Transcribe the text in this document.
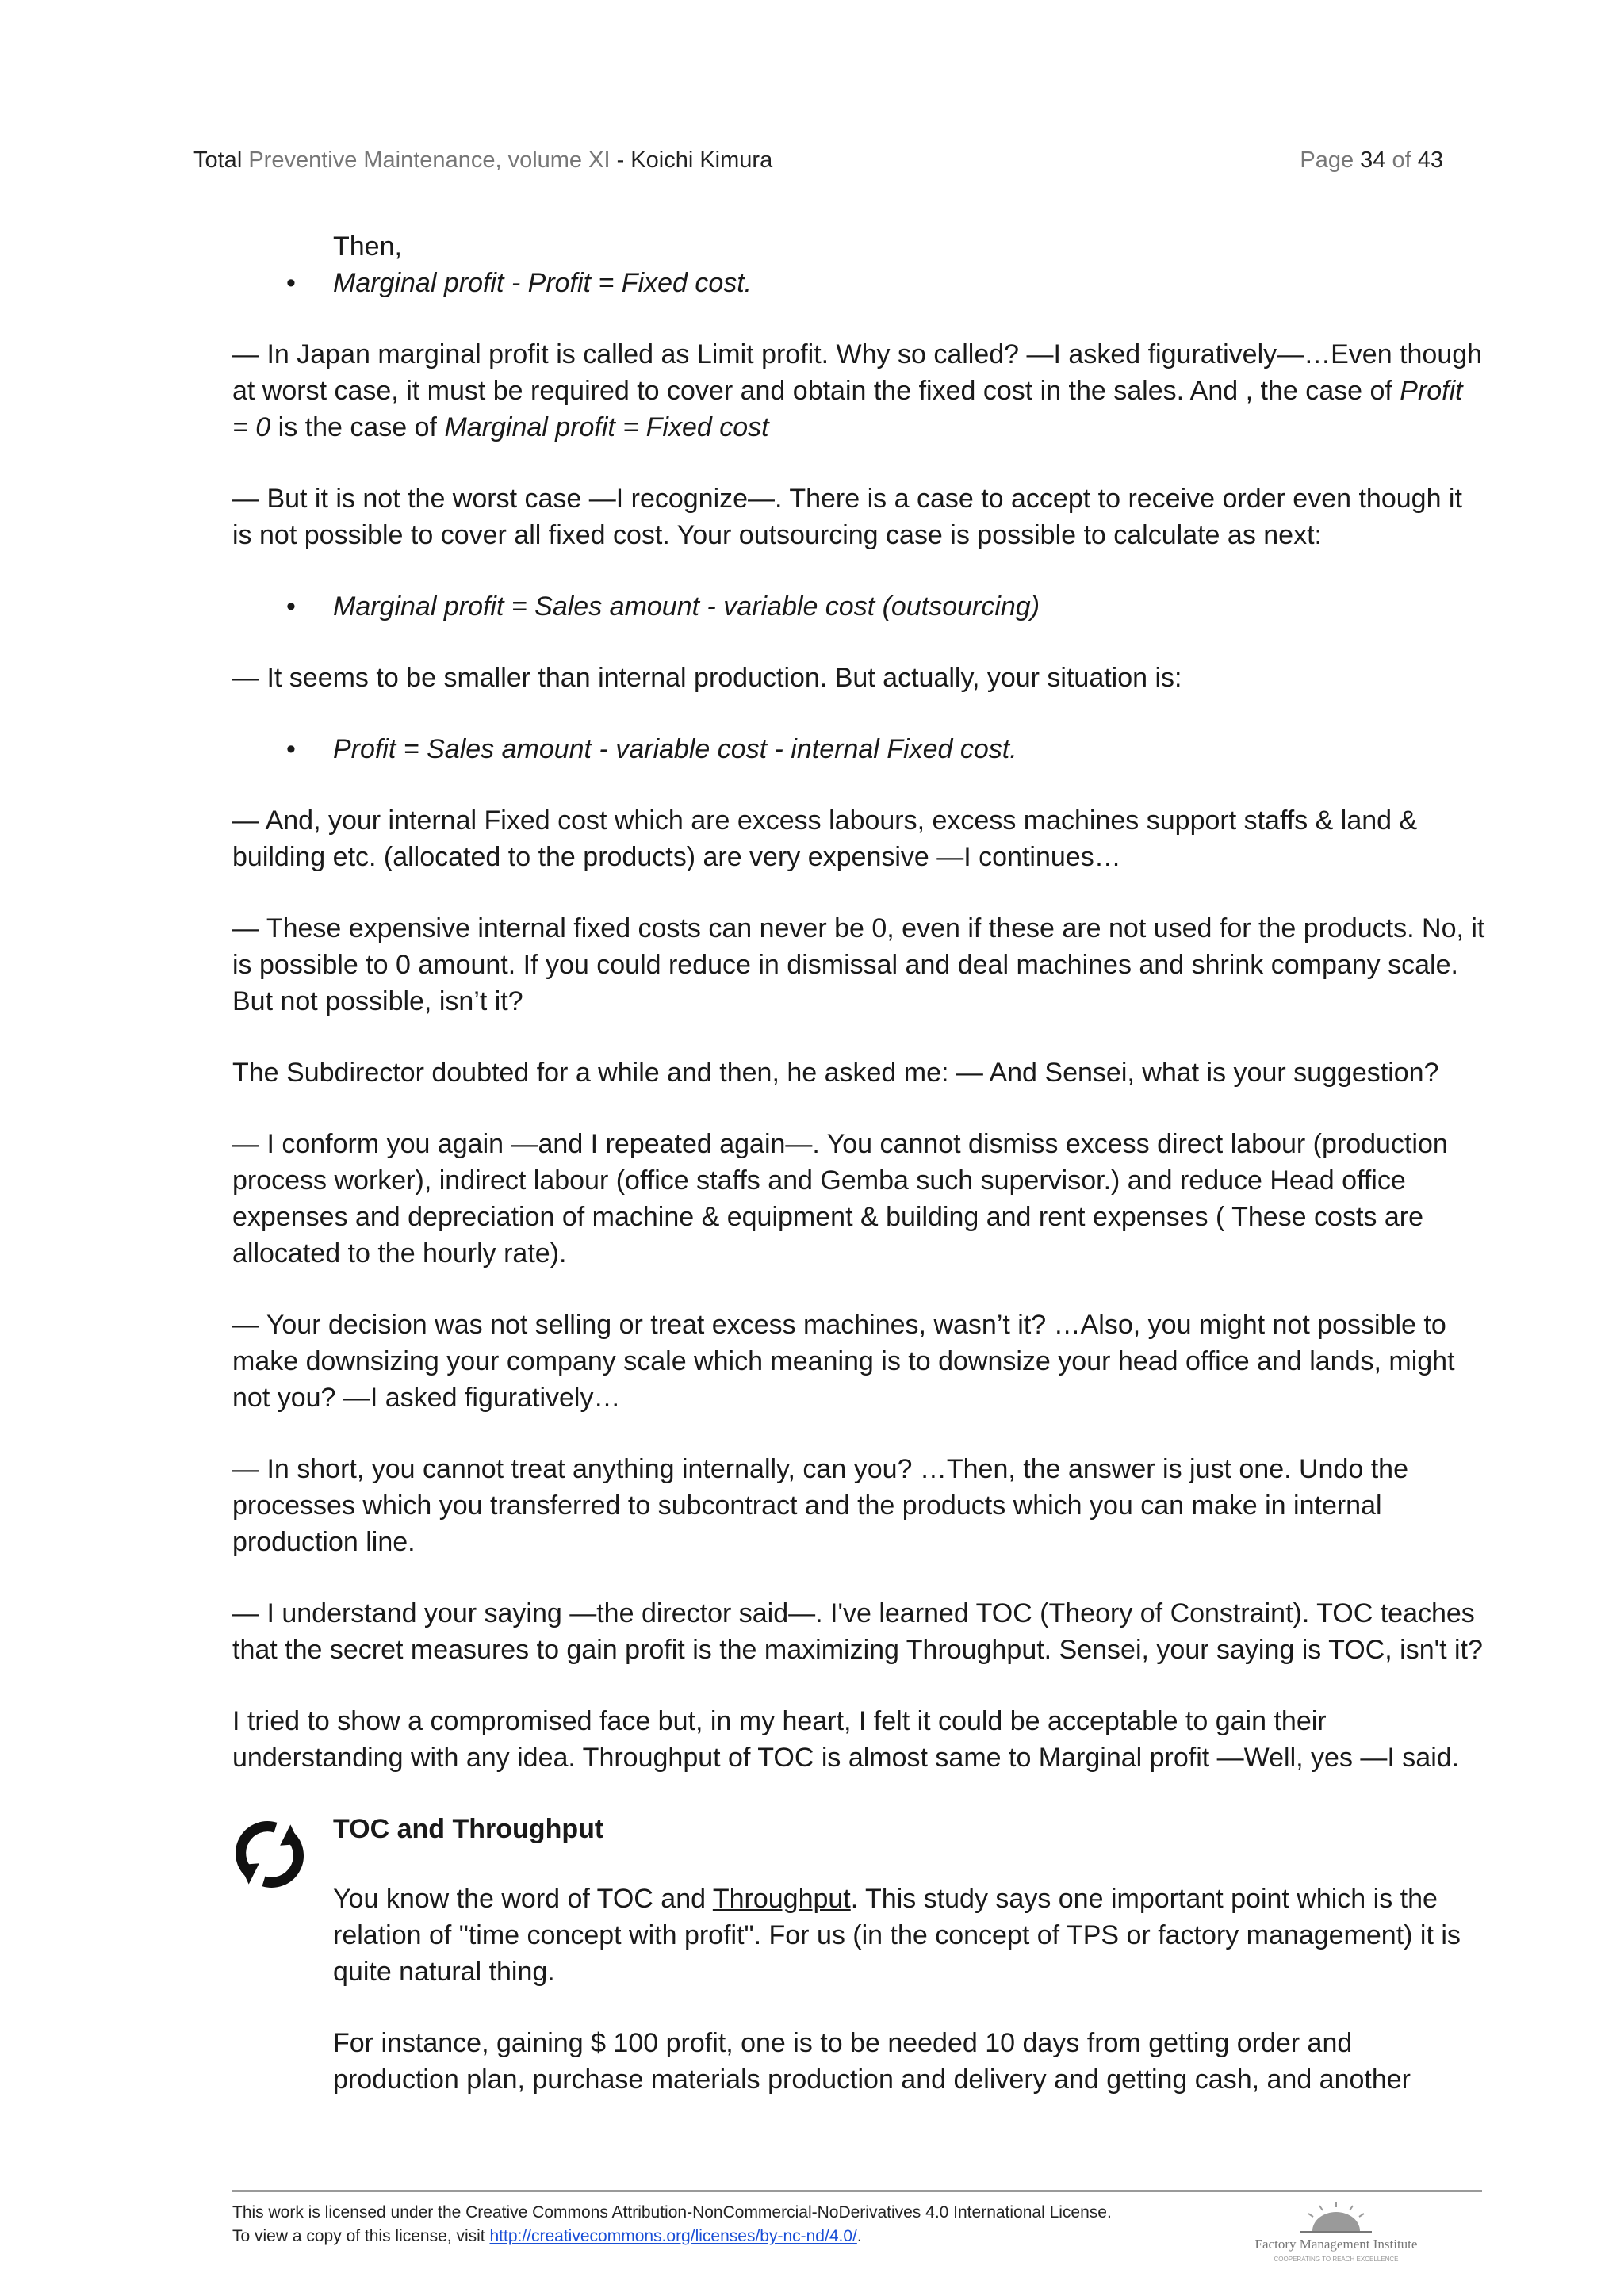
Total Preventive Maintenance, volume XI - Koichi Kimura	Page 34 of 43
Then,
• Marginal profit - Profit = Fixed cost.

— In Japan marginal profit is called as Limit profit. Why so called? —I asked figuratively—…Even though at worst case, it must be required to cover and obtain the fixed cost in the sales. And , the case of Profit = 0 is the case of Marginal profit = Fixed cost

— But it is not the worst case —I recognize—. There is a case to accept to receive order even though it is not possible to cover all fixed cost. Your outsourcing case is possible to calculate as next:

• Marginal profit = Sales amount - variable cost (outsourcing)

— It seems to be smaller than internal production. But actually, your situation is:

• Profit = Sales amount - variable cost - internal Fixed cost.

— And, your internal Fixed cost which are excess labours, excess machines support staffs & land & building etc. (allocated to the products) are very expensive —I continues…

— These expensive internal fixed costs can never be 0, even if these are not used for the products. No, it is possible to 0 amount. If you could reduce in dismissal and deal machines and shrink company scale. But not possible, isn’t it?

The Subdirector doubted for a while and then, he asked me: — And Sensei, what is your suggestion?

— I conform you again —and I repeated again—. You cannot dismiss excess direct labour (production process worker), indirect labour (office staffs and Gemba such supervisor.) and reduce Head office expenses and depreciation of machine & equipment & building and rent expenses ( These costs are allocated to the hourly rate).

— Your decision was not selling or treat excess machines, wasn’t it? …Also, you might not possible to make downsizing your company scale which meaning is to downsize your head office and lands, might not you? —I asked figuratively…

— In short, you cannot treat anything internally, can you? …Then, the answer is just one. Undo the processes which you transferred to subcontract and the products which you can make in internal production line.

— I understand your saying —the director said—. I've learned TOC (Theory of Constraint). TOC teaches that the secret measures to gain profit is the maximizing Throughput. Sensei, your saying is TOC, isn't it?

I tried to show a compromised face but, in my heart, I felt it could be acceptable to gain their understanding with any idea. Throughput of TOC is almost same to Marginal profit —Well, yes —I said.

TOC and Throughput

You know the word of TOC and Throughput. This study says one important point which is the relation of "time concept with profit". For us (in the concept of TPS or factory management) it is quite natural thing.

For instance, gaining $ 100 profit, one is to be needed 10 days from getting order and production plan, purchase materials production and delivery and getting cash, and another

This work is licensed under the Creative Commons Attribution-NonCommercial-NoDerivatives 4.0 International License.
To view a copy of this license, visit http://creativecommons.org/licenses/by-nc-nd/4.0/.	Factory Management Institute
COOPERATING TO REACH EXCELLENCE
